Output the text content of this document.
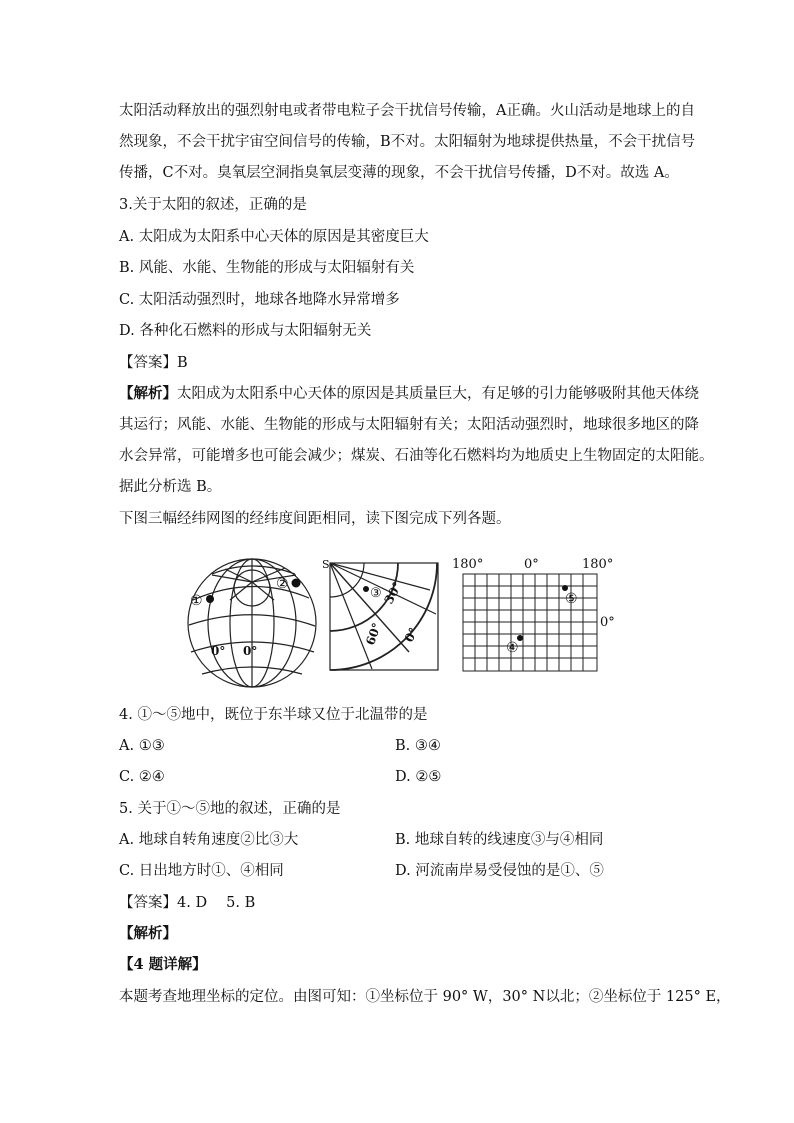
太阳活动释放出的强烈射电或者带电粒子会干扰信号传输，A正确。火山活动是地球上的自
然现象，不会干扰宇宙空间信号的传输，B不对。太阳辐射为地球提供热量，不会干扰信号
传播，C不对。臭氧层空洞指臭氧层变薄的现象，不会干扰信号传播，D不对。故选 A。
3.关于太阳的叙述，正确的是
A. 太阳成为太阳系中心天体的原因是其密度巨大
B. 风能、水能、生物能的形成与太阳辐射有关
C. 太阳活动强烈时，地球各地降水异常增多
D. 各种化石燃料的形成与太阳辐射无关
【答案】B
【解析】太阳成为太阳系中心天体的原因是其质量巨大，有足够的引力能够吸附其他天体绕
其运行；风能、水能、生物能的形成与太阳辐射有关；太阳活动强烈时，地球很多地区的降
水会异常，可能增多也可能会减少；煤炭、石油等化石燃料均为地质史上生物固定的太阳能。
据此分析选 B。
下图三幅经纬网图的经纬度间距相同，读下图完成下列各题。
①
②
0° 0°
S
③ 30°
60° 0°
180°	0°	180°
0°
④
⑤
4. ①～⑤地中，既位于东半球又位于北温带的是
A. ①③	B. ③④
C. ②④	D. ②⑤
5. 关于①～⑤地的叙述，正确的是
A. 地球自转角速度②比③大	B. 地球自转的线速度③与④相同
C. 日出地方时①、④相同	D. 河流南岸易受侵蚀的是①、⑤
【答案】4. D　 5. B
【解析】
【4 题详解】
本题考查地理坐标的定位。由图可知：①坐标位于 90° W，30° N以北；②坐标位于 125° E，
